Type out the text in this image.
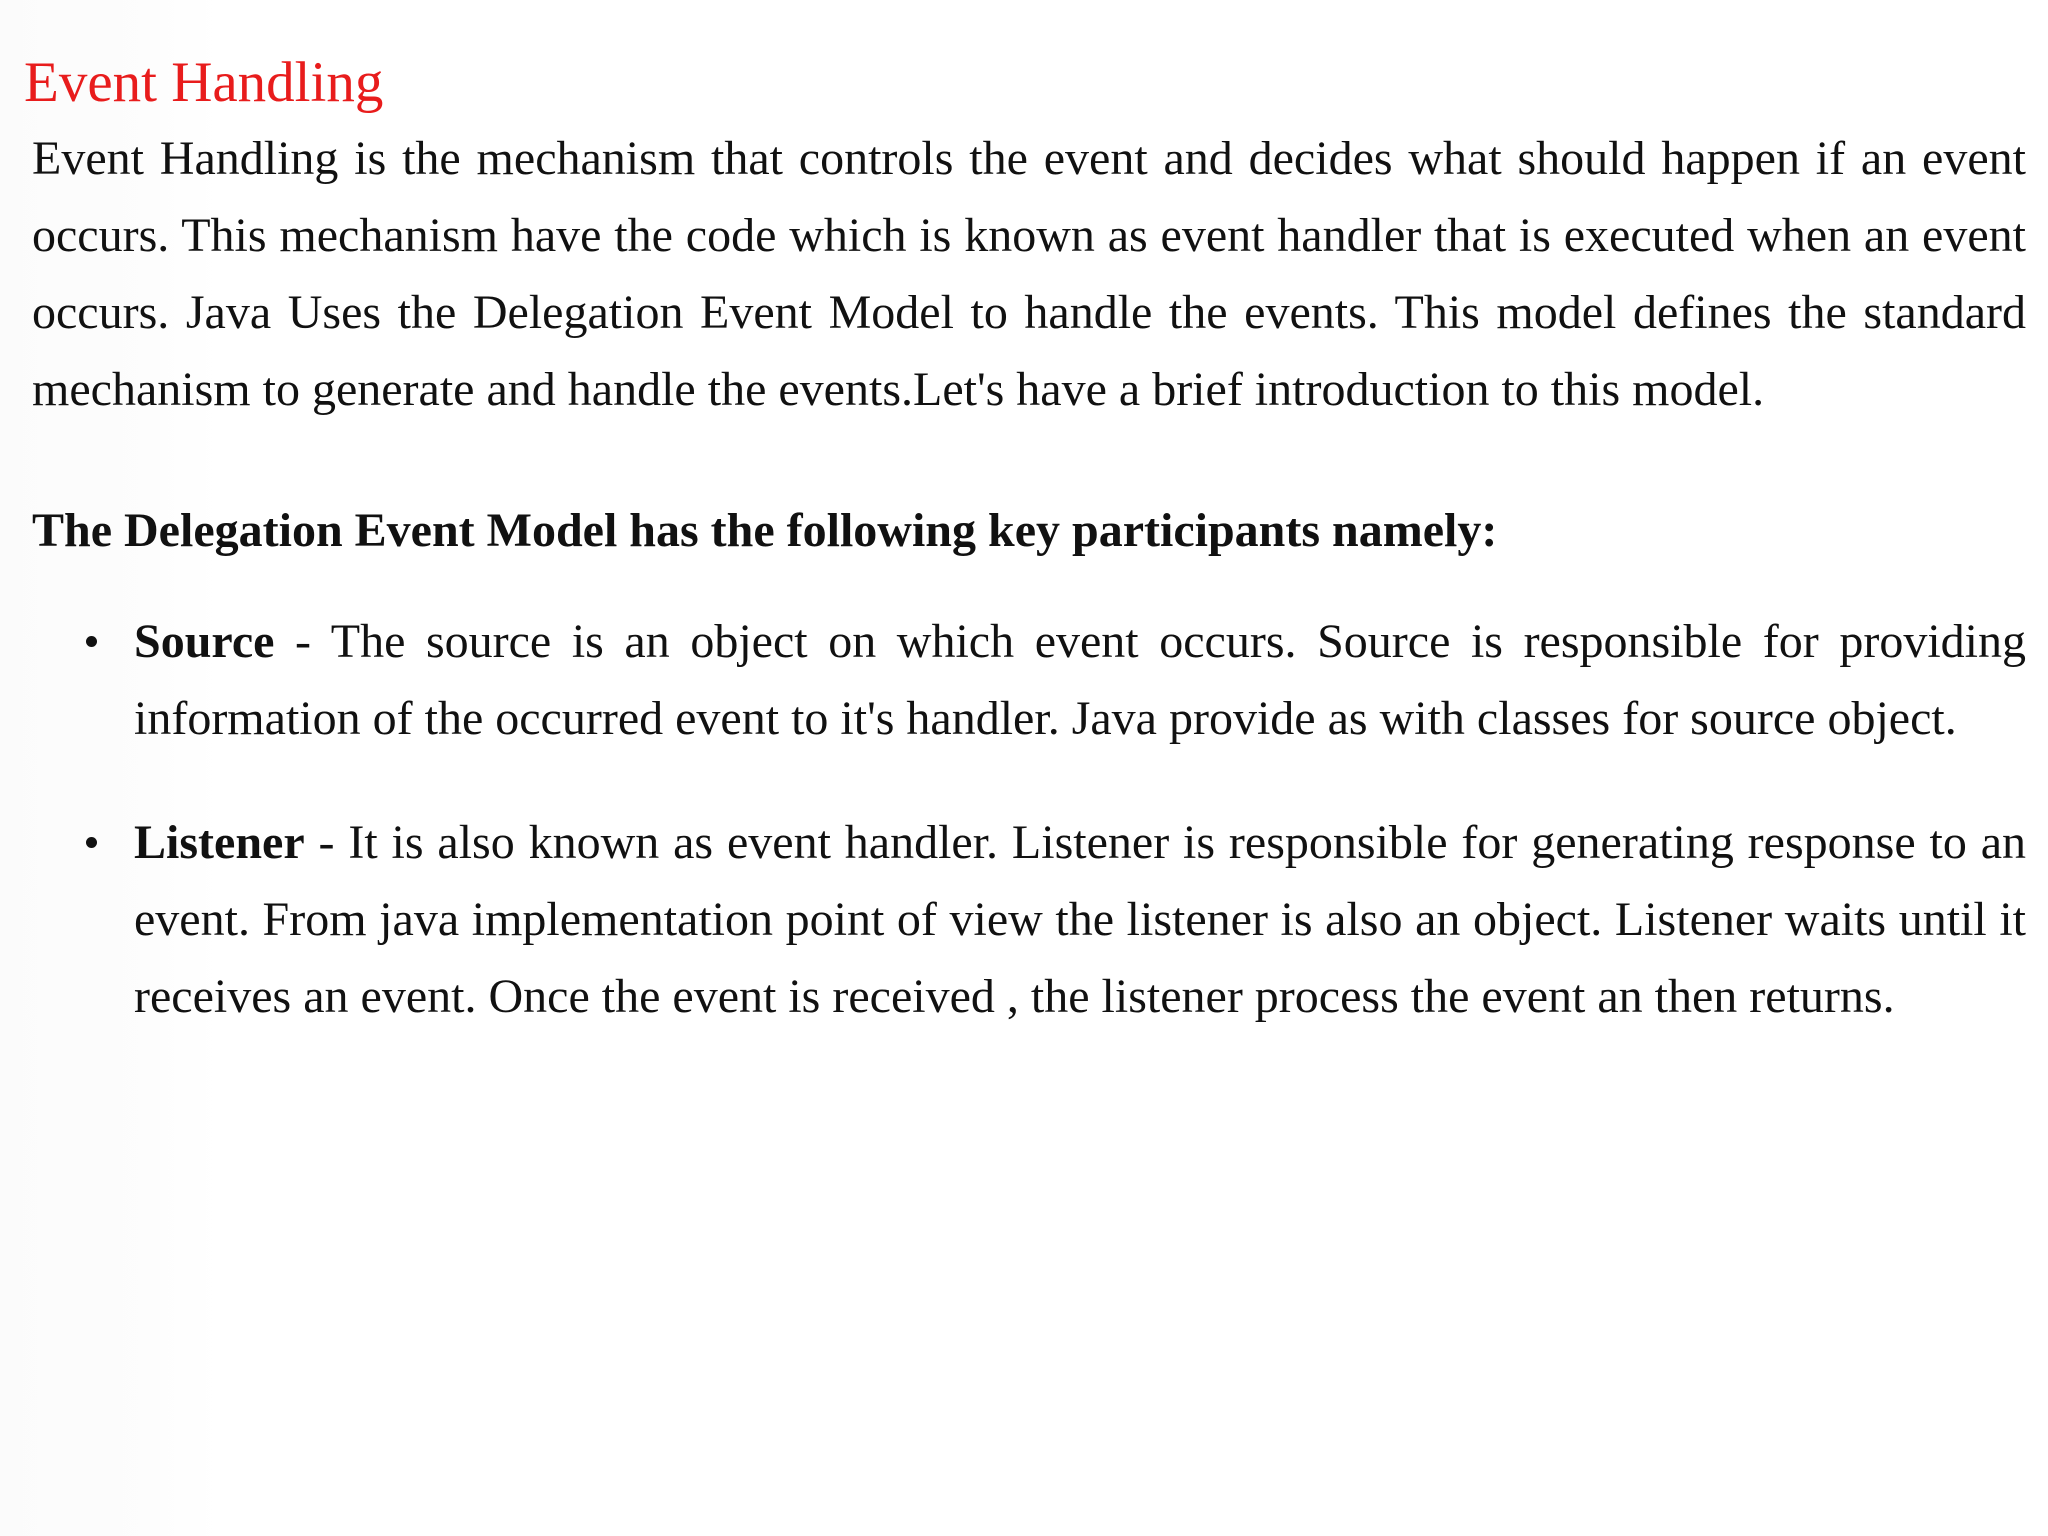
Event Handling

Event Handling is the mechanism that controls the event and decides what should happen if an event occurs. This mechanism have the code which is known as event handler that is executed when an event occurs. Java Uses the Delegation Event Model to handle the events. This model defines the standard mechanism to generate and handle the events.Let's have a brief introduction to this model.

The Delegation Event Model has the following key participants namely:

Source - The source is an object on which event occurs. Source is responsible for providing information of the occurred event to it's handler. Java provide as with classes for source object.
Listener - It is also known as event handler. Listener is responsible for generating response to an event. From java implementation point of view the listener is also an object. Listener waits until it receives an event. Once the event is received , the listener process the event an then returns.
